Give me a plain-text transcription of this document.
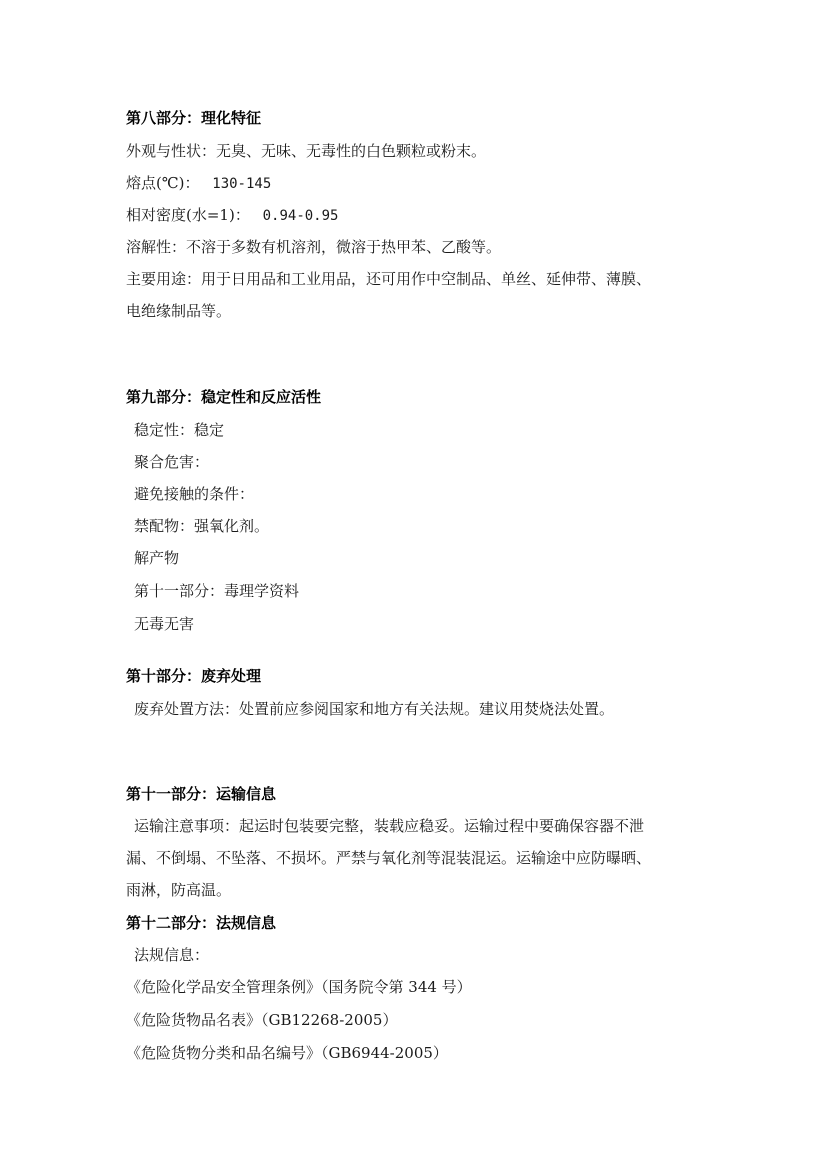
第八部分：理化特征
外观与性状：无臭、无味、无毒性的白色颗粒或粉末。
熔点(℃)： 130-145
相对密度(水=1)： 0.94-0.95
溶解性：不溶于多数有机溶剂，微溶于热甲苯、乙酸等。
主要用途：用于日用品和工业用品，还可用作中空制品、单丝、延伸带、薄膜、
电绝缘制品等。
第九部分：稳定性和反应活性
稳定性：稳定
聚合危害：
避免接触的条件：
禁配物：强氧化剂。
解产物
第十一部分：毒理学资料
无毒无害
第十部分：废弃处理
废弃处置方法：处置前应参阅国家和地方有关法规。建议用焚烧法处置。
第十一部分：运输信息
运输注意事项：起运时包装要完整，装载应稳妥。运输过程中要确保容器不泄
漏、不倒塌、不坠落、不损坏。严禁与氧化剂等混装混运。运输途中应防曝晒、
雨淋，防高温。
第十二部分：法规信息
法规信息：
《危险化学品安全管理条例》（国务院令第 344 号）
《危险货物品名表》（GB12268-2005）
《危险货物分类和品名编号》（GB6944-2005）
